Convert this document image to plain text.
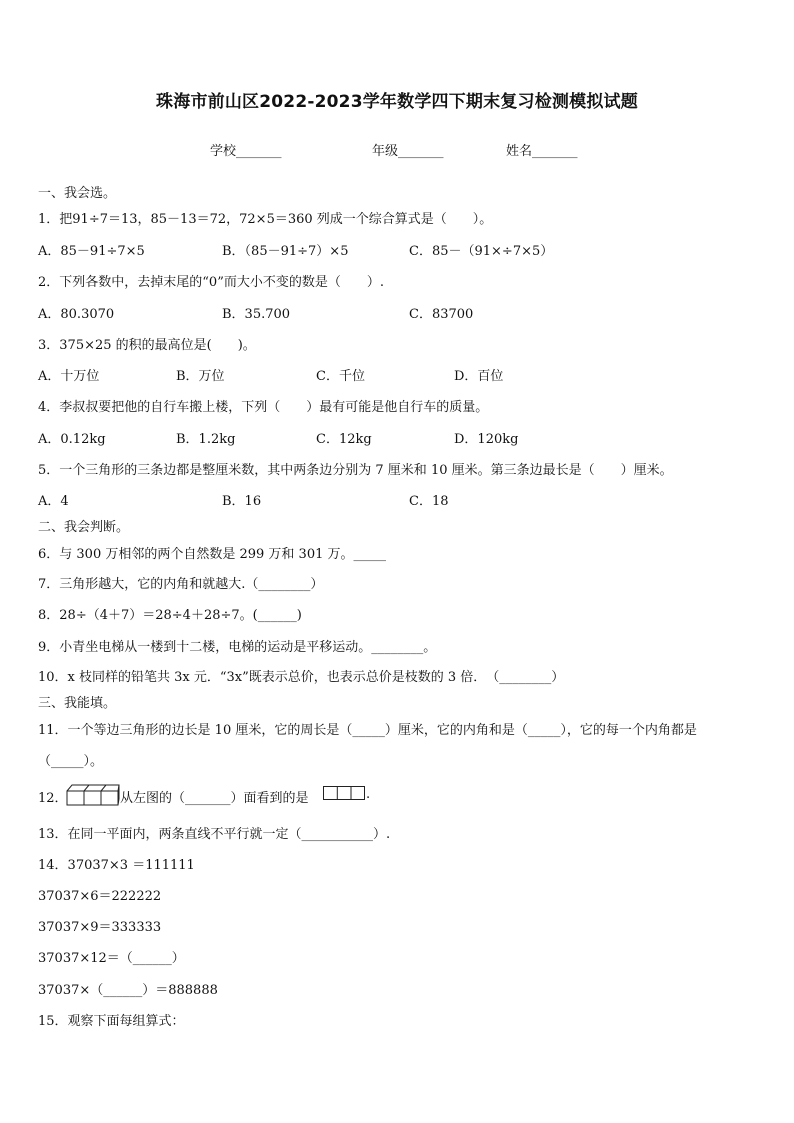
珠海市前山区2022-2023学年数学四下期末复习检测模拟试题
学校_______	年级_______	姓名_______
一、我会选。
1．把91÷7＝13，85－13＝72，72×5＝360 列成一个综合算式是（　　）。
A．85－91÷7×5	B．（85－91÷7）×5	C．85－（91×÷7×5）
2．下列各数中，去掉末尾的“0”而大小不变的数是（　　）.
A．80.3070	B．35.700	C．83700
3．375×25 的积的最高位是(　　)。
A．十万位	B．万位	C．千位	D．百位
4．李叔叔要把他的自行车搬上楼，下列（　　）最有可能是他自行车的质量。
A．0.12kg	B．1.2kg	C．12kg	D．120kg
5．一个三角形的三条边都是整厘米数，其中两条边分别为 7 厘米和 10 厘米。第三条边最长是（　　）厘米。
A．4	B．16	C．18
二、我会判断。
6．与 300 万相邻的两个自然数是 299 万和 301 万。_____
7．三角形越大，它的内角和就越大.（________）
8．28÷（4＋7）＝28÷4＋28÷7。(______)
9．小青坐电梯从一楼到十二楼，电梯的运动是平移运动。________。
10．x 枝同样的铅笔共 3x 元．“3x”既表示总价，也表示总价是枝数的 3 倍．　（________）
三、我能填。
11．一个等边三角形的边长是 10 厘米，它的周长是（_____）厘米，它的内角和是（_____），它的每一个内角都是
（_____）。
12．	从左图的（_______）面看到的是	.
13．在同一平面内，两条直线不平行就一定（___________）.
14．37037×3 ＝111111
37037×6＝222222
37037×9＝333333
37037×12＝（______）
37037×（______）＝888888
15．观察下面每组算式：
